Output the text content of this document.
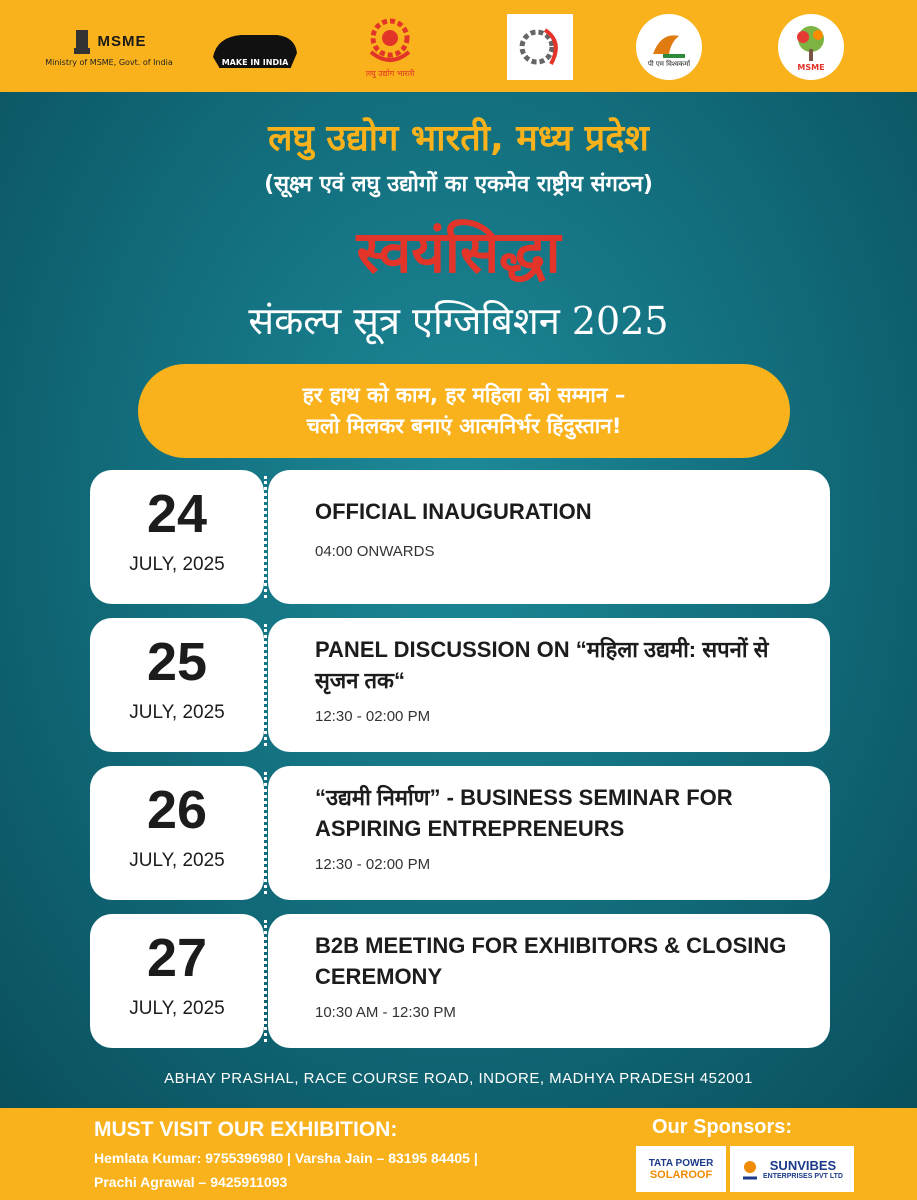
MSME
Ministry of MSME, Govt. of India	MAKE IN INDIA
लघु उद्योग भारती
पी एम विश्वकर्मा	MSME
लघु उद्योग भारती, मध्य प्रदेश
(सूक्ष्म एवं लघु उद्योगों का एकमेव राष्ट्रीय संगठन)
स्वयंसिद्धा
संकल्प सूत्र एग्जिबिशन 2025
हर हाथ को काम, हर महिला को सम्मान –
चलो मिलकर बनाएं आत्मनिर्भर हिंदुस्तान!
24
JULY, 2025
OFFICIAL INAUGURATION
04:00 ONWARDS
25
JULY, 2025
PANEL DISCUSSION ON “महिला उद्यमी: सपनों से सृजन तक“
12:30 - 02:00 PM
26
JULY, 2025
“उद्यमी निर्माण” - BUSINESS SEMINAR FOR ASPIRING ENTREPRENEURS
12:30 - 02:00 PM
27
JULY, 2025
B2B MEETING FOR EXHIBITORS & CLOSING CEREMONY
10:30 AM - 12:30 PM
ABHAY PRASHAL, RACE COURSE ROAD, INDORE, MADHYA PRADESH 452001
MUST VISIT OUR EXHIBITION:
Hemlata Kumar: 9755396980 | Varsha Jain – 83195 84405 |
Prachi Agrawal – 9425911093
Our Sponsors:
TATA POWER
SOLAROOF
SUNVIBES
ENTERPRISES PVT LTD
